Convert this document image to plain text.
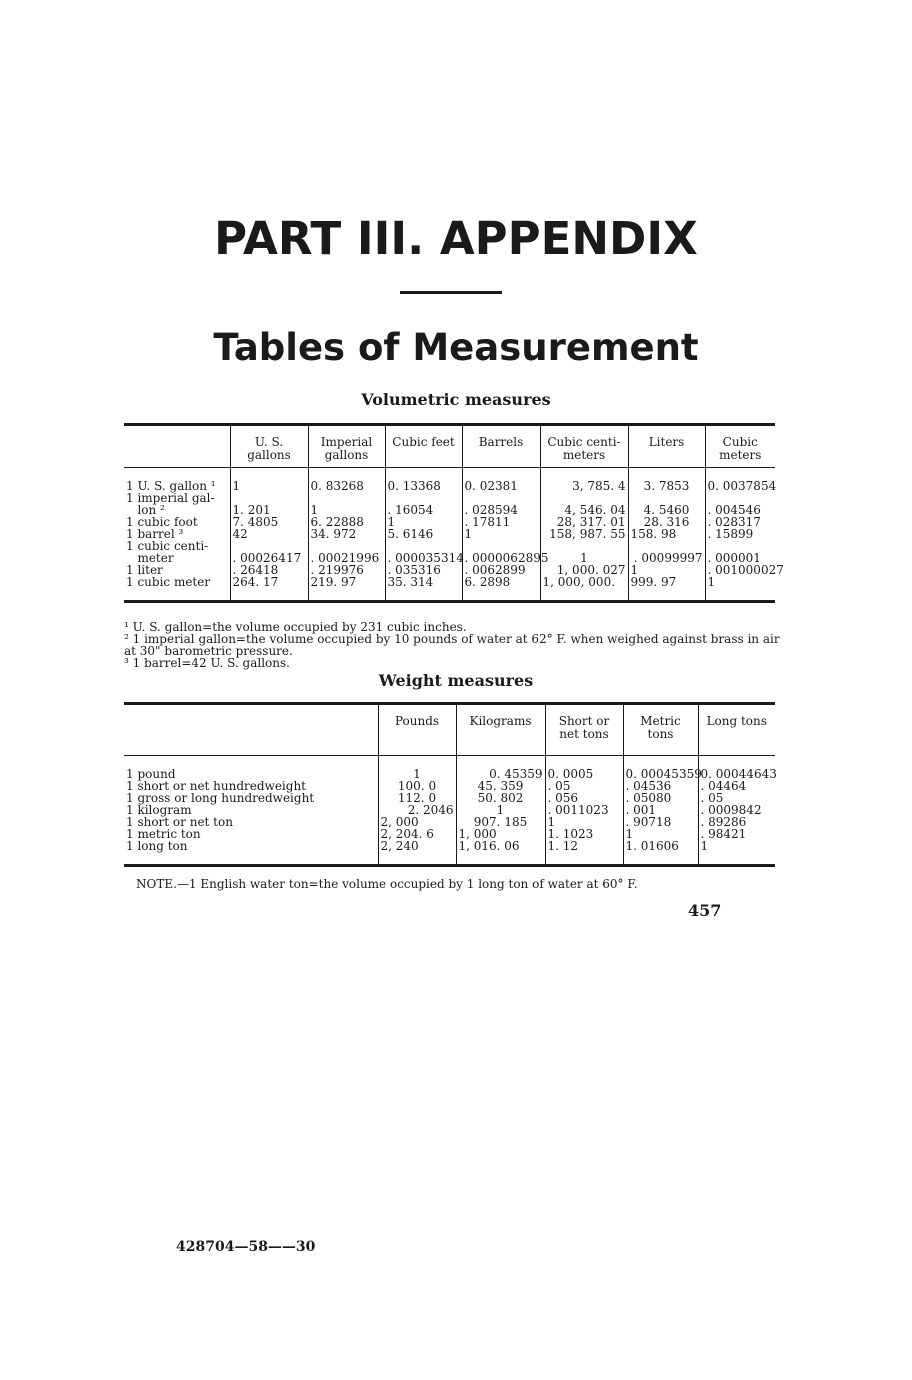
PART III. APPENDIX
Tables of Measurement
Volumetric measures
	U. S. gallons	Imperial gallons	Cubic feet	Barrels	Cubic centi-meters	Liters	Cubic meters

1 U. S. gallon ¹	1	0. 83268	0. 13368	0. 02381	3, 785. 4	3. 7853	0. 0037854
1 imperial gal-							
lon ²	1. 201	1	. 16054	. 028594	4, 546. 04	4. 5460	. 004546
1 cubic foot	7. 4805	6. 22888	1	. 17811	28, 317. 01	28. 316	. 028317
1 barrel ³	42	34. 972	5. 6146	1	158, 987. 55	158. 98	. 15899
1 cubic centi-							
meter	. 00026417	. 00021996	. 000035314	. 0000062895	1	. 00099997	. 000001
1 liter	. 26418	. 219976	. 035316	. 0062899	1, 000. 027	1	. 001000027
1 cubic meter	264. 17	219. 97	35. 314	6. 2898	1, 000, 000.	999. 97	1

¹ U. S. gallon=the volume occupied by 231 cubic inches.
² 1 imperial gallon=the volume occupied by 10 pounds of water at 62° F. when weighed against brass in air at 30" barometric pressure.
³ 1 barrel=42 U. S. gallons.
Weight measures
	Pounds	Kilograms	Short or net tons	Metric tons	Long tons

1 pound	1	0. 45359	0. 0005	0. 00045359	0. 00044643
1 short or net hundredweight	100. 0	45. 359	. 05	. 04536	. 04464
1 gross or long hundredweight	112. 0	50. 802	. 056	. 05080	. 05
1 kilogram	2. 2046	1	. 0011023	. 001	. 0009842
1 short or net ton	2, 000	907. 185	1	. 90718	. 89286
1 metric ton	2, 204. 6	1, 000	1. 1023	1	. 98421
1 long ton	2, 240	1, 016. 06	1. 12	1. 01606	1

NOTE.—1 English water ton=the volume occupied by 1 long ton of water at 60° F.
457
428704—58——30
